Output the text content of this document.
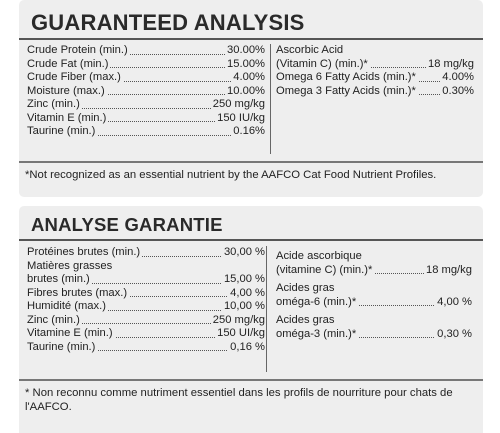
GUARANTEED ANALYSIS
Crude Protein (min.)	30.00%
Crude Fat (min.)	15.00%
Crude Fiber (max.)	4.00%
Moisture (max.)	10.00%
Zinc (min.)	250 mg/kg
Vitamin E (min.)	150 IU/kg
Taurine (min.)	0.16%
Ascorbic Acid
(Vitamin C) (min.)*	18 mg/kg
Omega 6 Fatty Acids (min.)* 4.00%
Omega 3 Fatty Acids (min.)* 0.30%
*Not recognized as an essential nutrient by the AAFCO Cat Food Nutrient Profiles.
ANALYSE GARANTIE
Protéines brutes (min.)	30,00 %
Matières grasses
brutes (min.)	15,00 %
Fibres brutes (max.)	4,00 %
Humidité (max.)	10,00 %
Zinc (min.)	250 mg/kg
Vitamine E (min.)	150 UI/kg
Taurine (min.)	0,16 %
Acide ascorbique
(vitamine C) (min.)*	18 mg/kg
Acides gras
oméga-6 (min.)*	4,00 %
Acides gras
oméga-3 (min.)*	0,30 %
* Non reconnu comme nutriment essentiel dans les profils de nourriture pour chats de l'AAFCO.
